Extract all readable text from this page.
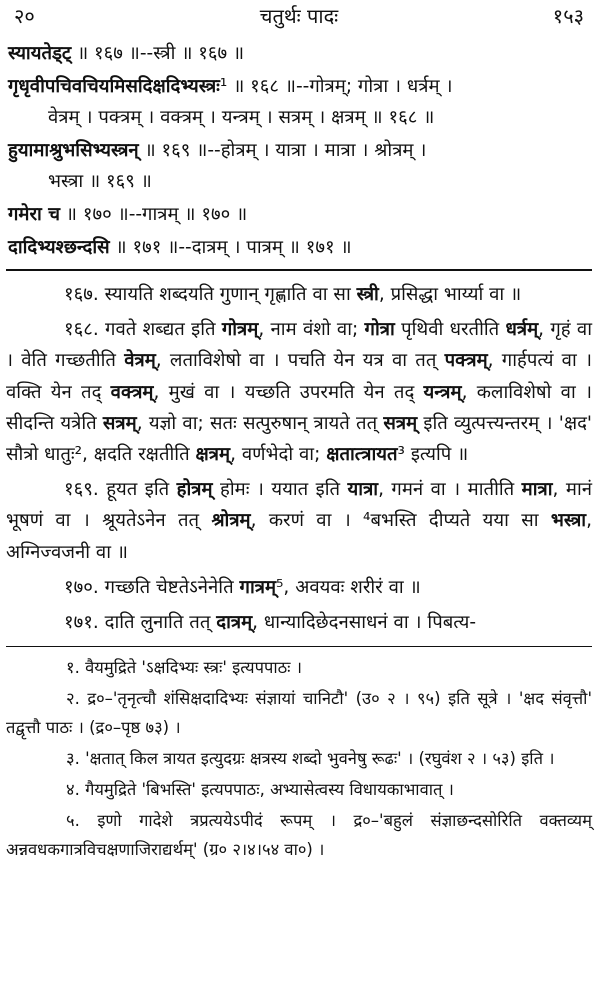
२०	चतुर्थः पादः	१५३
स्यायतेड्ट् ॥ १६७ ॥--स्त्री ॥ १६७ ॥
गृधृवीपचिवचियमिसदिक्षदिभ्यस्त्रः¹ ॥ १६८ ॥--गोत्रम्; गोत्रा । धर्त्रम् ।
वेत्रम् । पक्त्रम् । वक्त्रम् । यन्त्रम् । सत्रम् । क्षत्रम् ॥ १६८ ॥
हुयामाश्रुभसिभ्यस्त्रन् ॥ १६९ ॥--होत्रम् । यात्रा । मात्रा । श्रोत्रम् ।
भस्त्रा ॥ १६९ ॥
गमेरा च ॥ १७० ॥--गात्रम् ॥ १७० ॥
दादिभ्यश्छन्दसि ॥ १७१ ॥--दात्रम् । पात्रम् ॥ १७१ ॥

१६७. स्यायति शब्दयति गुणान् गृह्णाति वा सा स्त्री, प्रसिद्धा भार्य्या वा ॥

१६८. गवते शब्द्यत इति गोत्रम्, नाम वंशो वा; गोत्रा पृथिवी धरतीति धर्त्रम्, गृहं वा । वेति गच्छतीति वेत्रम्, लताविशेषो वा । पचति येन यत्र वा तत् पक्त्रम्, गार्हपत्यं वा । वक्ति येन तद् वक्त्रम्, मुखं वा । यच्छति उपरमति येन तद् यन्त्रम्, कलाविशेषो वा । सीदन्ति यत्रेति सत्रम्, यज्ञो वा; सतः सत्पुरुषान् त्रायते तत् सत्रम् इति व्युत्पत्त्यन्तरम् । 'क्षद' सौत्रो धातुः², क्षदति रक्षतीति क्षत्रम्, वर्णभेदो वा; क्षतात्त्रायत³ इत्यपि ॥

१६९. हूयत इति होत्रम् होमः । ययात इति यात्रा, गमनं वा । मातीति मात्रा, मानं भूषणं वा । श्रूयतेऽनेन तत् श्रोत्रम्, करणं वा । ⁴बभस्ति दीप्यते यया सा भस्त्रा, अग्निज्वजनी वा ॥

१७०. गच्छति चेष्टतेऽनेनेति गात्रम्⁵, अवयवः शरीरं वा ॥

१७१. दाति लुनाति तत् दात्रम्, धान्यादिछेदनसाधनं वा । पिबत्य-

१. वैयमुद्रिते 'ऽक्षदिभ्यः स्त्रः' इत्यपपाठः ।

२. द्र०–'तृनृत्चौ शंसिक्षदादिभ्यः संज्ञायां चानिटौ' (उ० २ । ९५) इति सूत्रे । 'क्षद संवृत्तौ' तद्वृत्तौ पाठः । (द्र०–पृष्ठ ७३) ।

३. 'क्षतात् किल त्रायत इत्युदग्रः क्षत्रस्य शब्दो भुवनेषु रूढः' । (रघुवंश २ । ५३) इति ।

४. गैयमुद्रिते 'बिभस्ति' इत्यपपाठः, अभ्यासेत्वस्य विधायकाभावात् ।

५. इणो गादेशे त्रप्रत्ययेऽपीदं रूपम् । द्र०–'बहुलं संज्ञाछन्दसोरिति वक्तव्यम् अन्नवधकगात्रविचक्षणाजिराद्यर्थम्' (ग्र० २।४।५४ वा०) ।
